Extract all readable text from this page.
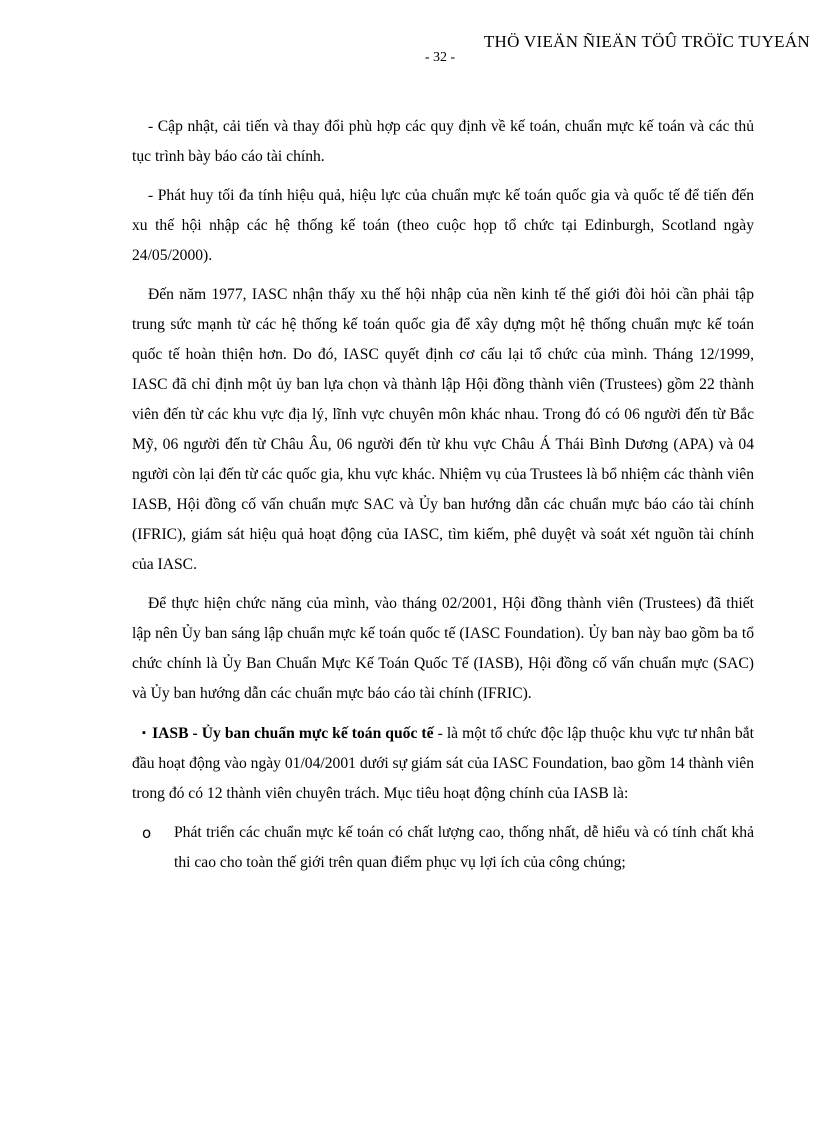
THÖ VIEÄN ÑIEÄN TÖÛ TRÖÏC TUYEÁN
- 32 -

- Cập nhật, cải tiến và thay đổi phù hợp các quy định về kế toán, chuẩn mực kế toán và các thủ tục trình bày báo cáo tài chính.

- Phát huy tối đa tính hiệu quả, hiệu lực của chuẩn mực kế toán quốc gia và quốc tế để tiến đến xu thế hội nhập các hệ thống kế toán (theo cuộc họp tổ chức tại Edinburgh, Scotland ngày 24/05/2000).

Đến năm 1977, IASC nhận thấy xu thế hội nhập của nền kinh tế thế giới đòi hỏi cần phải tập trung sức mạnh từ các hệ thống kế toán quốc gia để xây dựng một hệ thống chuẩn mực kế toán quốc tế hoàn thiện hơn. Do đó, IASC quyết định cơ cấu lại tổ chức của mình. Tháng 12/1999, IASC đã chỉ định một ủy ban lựa chọn và thành lập Hội đồng thành viên (Trustees) gồm 22 thành viên đến từ các khu vực địa lý, lĩnh vực chuyên môn khác nhau. Trong đó có 06 người đến từ Bắc Mỹ, 06 người đến từ Châu Âu, 06 người đến từ khu vực Châu Á Thái Bình Dương (APA) và 04 người còn lại đến từ các quốc gia, khu vực khác. Nhiệm vụ của Trustees là bổ nhiệm các thành viên IASB, Hội đồng cố vấn chuẩn mực SAC và Ủy ban hướng dẫn các chuẩn mực báo cáo tài chính (IFRIC), giám sát hiệu quả hoạt động của IASC, tìm kiếm, phê duyệt và soát xét nguồn tài chính của IASC.

Để thực hiện chức năng của mình, vào tháng 02/2001, Hội đồng thành viên (Trustees) đã thiết lập nên Ủy ban sáng lập chuẩn mực kế toán quốc tế (IASC Foundation). Ủy ban này bao gồm ba tổ chức chính là Ủy Ban Chuẩn Mực Kế Toán Quốc Tế (IASB), Hội đồng cố vấn chuẩn mực (SAC) và Ủy ban hướng dẫn các chuẩn mực báo cáo tài chính (IFRIC).

▪ IASB - Ủy ban chuẩn mực kế toán quốc tế - là một tổ chức độc lập thuộc khu vực tư nhân bắt đầu hoạt động vào ngày 01/04/2001 dưới sự giám sát của IASC Foundation, bao gồm 14 thành viên trong đó có 12 thành viên chuyên trách. Mục tiêu hoạt động chính của IASB là:

o Phát triển các chuẩn mực kế toán có chất lượng cao, thống nhất, dễ hiểu và có tính chất khả thi cao cho toàn thế giới trên quan điểm phục vụ lợi ích của công chúng;
